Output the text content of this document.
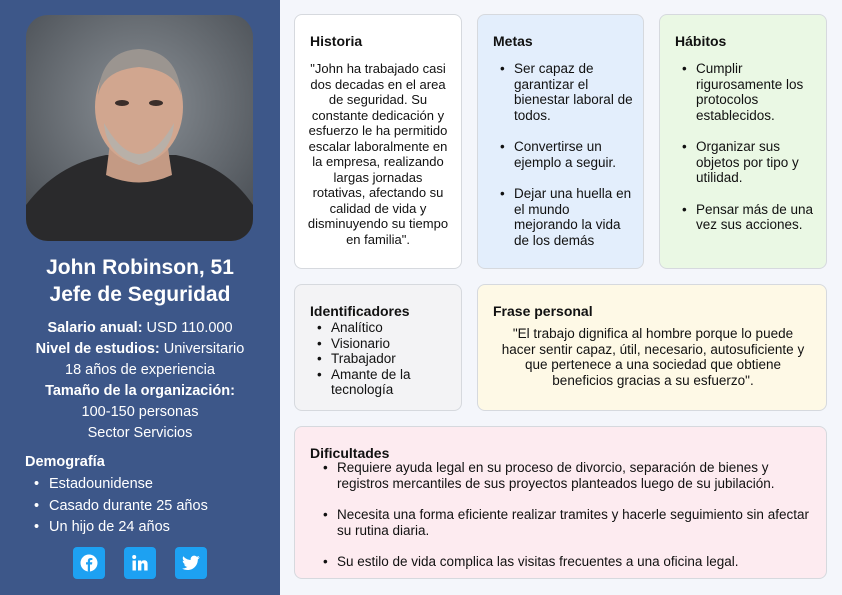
John Robinson, 51
Jefe de Seguridad
Salario anual: USD 110.000
Nivel de estudios: Universitario
18 años de experiencia
Tamaño de la organización:
100-150 personas
Sector Servicios
Demografía
• Estadounidense
• Casado durante 25 años
• Un hijo de 24 años
Historia
"John ha trabajado casi dos decadas en el area de seguridad. Su constante dedicación y esfuerzo le ha permitido escalar laboralmente en la empresa, realizando largas jornadas rotativas, afectando su calidad de vida y disminuyendo su tiempo en familia".
Metas
• Ser capaz de garantizar el bienestar laboral de todos.
• Convertirse un ejemplo a seguir.
• Dejar una huella en el mundo mejorando la vida de los demás
Hábitos
• Cumplir rigurosamente los protocolos establecidos.
• Organizar sus objetos por tipo y utilidad.
• Pensar más de una vez sus acciones.
Identificadores
• Analítico
• Visionario
• Trabajador
• Amante de la tecnología
Frase personal
"El trabajo dignifica al hombre porque lo puede hacer sentir capaz, útil, necesario, autosuficiente y que pertenece a una sociedad que obtiene beneficios gracias a su esfuerzo".
Dificultades
• Requiere ayuda legal en su proceso de divorcio, separación de bienes y registros mercantiles de sus proyectos planteados luego de su jubilación.
• Necesita una forma eficiente realizar tramites y hacerle seguimiento sin afectar su rutina diaria.
• Su estilo de vida complica las visitas frecuentes a una oficina legal.
